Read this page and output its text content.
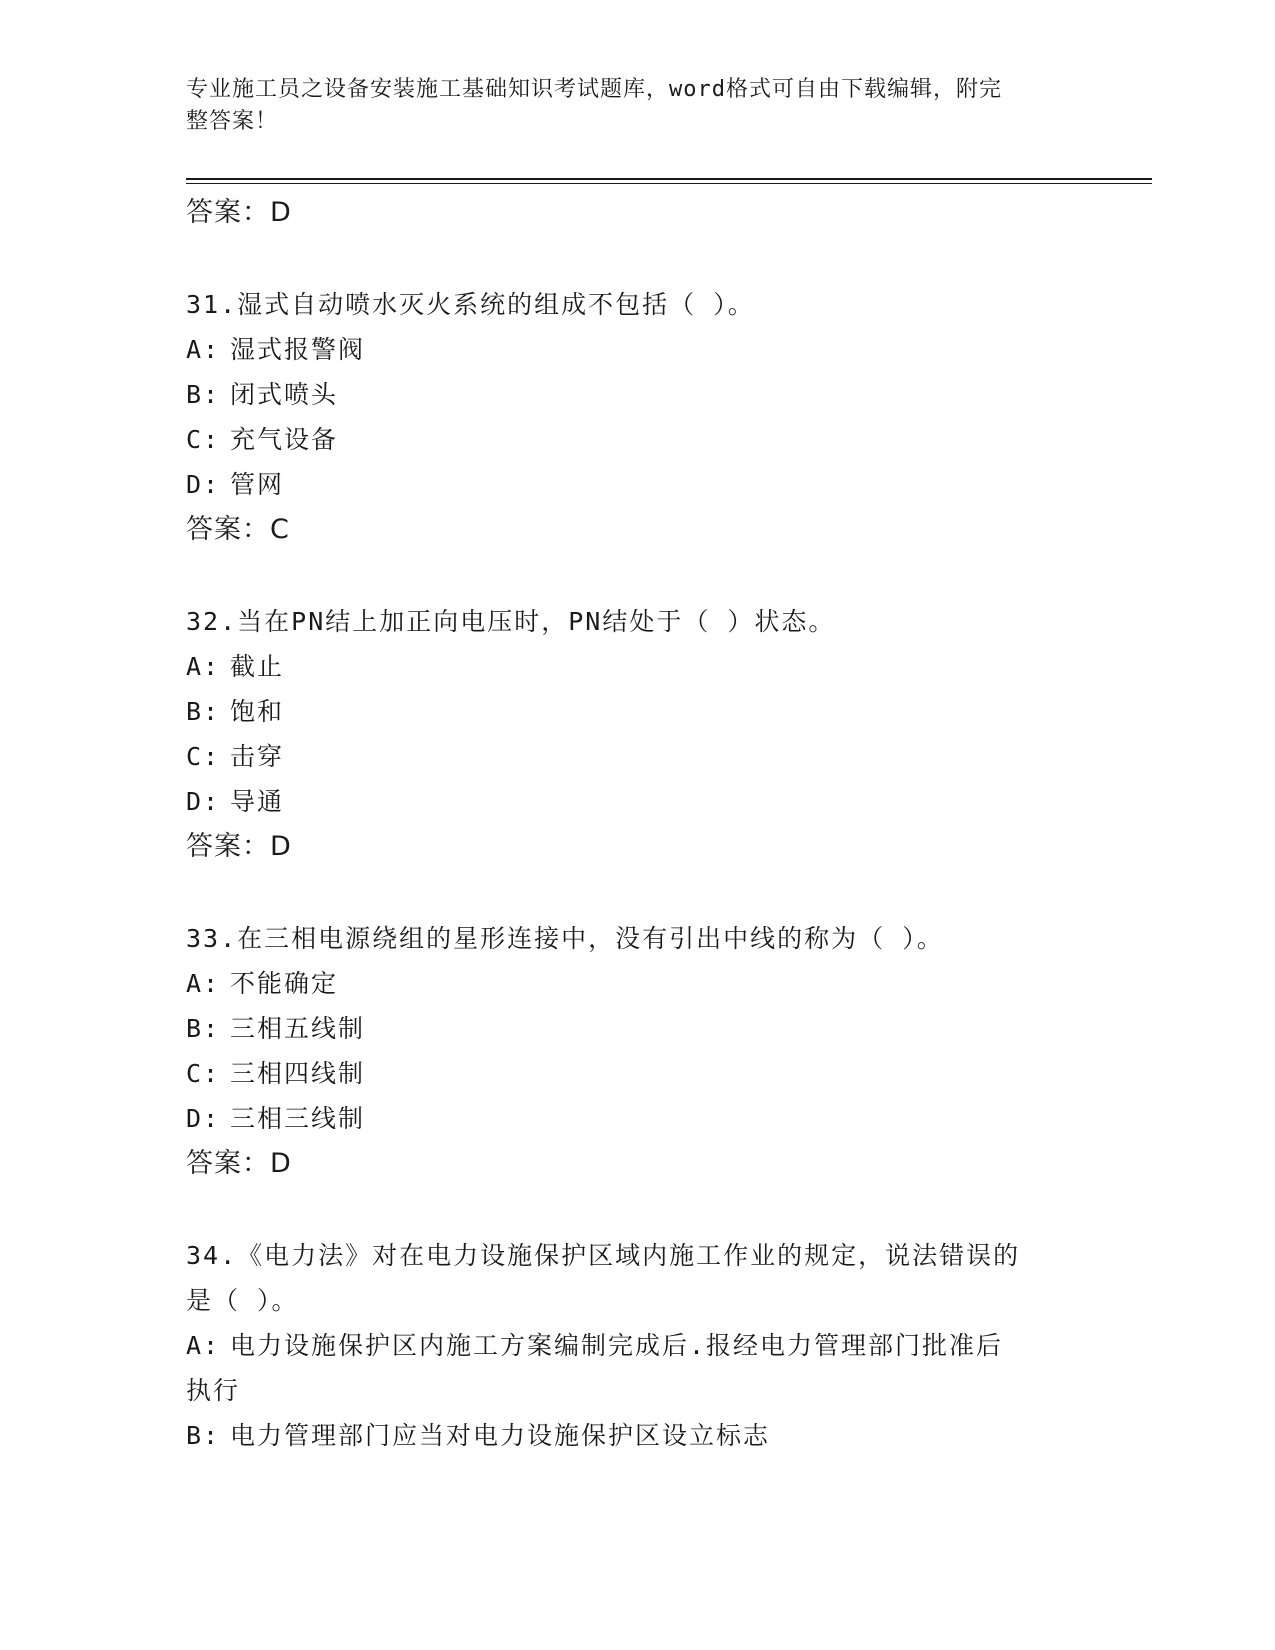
专业施工员之设备安装施工基础知识考试题库，word格式可自由下载编辑，附完
整答案！
答案：D

31.湿式自动喷水灭火系统的组成不包括（ ）。

A: 湿式报警阀

B: 闭式喷头

C: 充气设备

D: 管网

答案：C

32.当在PN结上加正向电压时，PN结处于（ ）状态。

A: 截止

B: 饱和

C: 击穿

D: 导通

答案：D

33.在三相电源绕组的星形连接中，没有引出中线的称为（ ）。

A: 不能确定

B: 三相五线制

C: 三相四线制

D: 三相三线制

答案：D

34.《电力法》对在电力设施保护区域内施工作业的规定，说法错误的

是（ ）。

A: 电力设施保护区内施工方案编制完成后.报经电力管理部门批准后

执行

B: 电力管理部门应当对电力设施保护区设立标志
